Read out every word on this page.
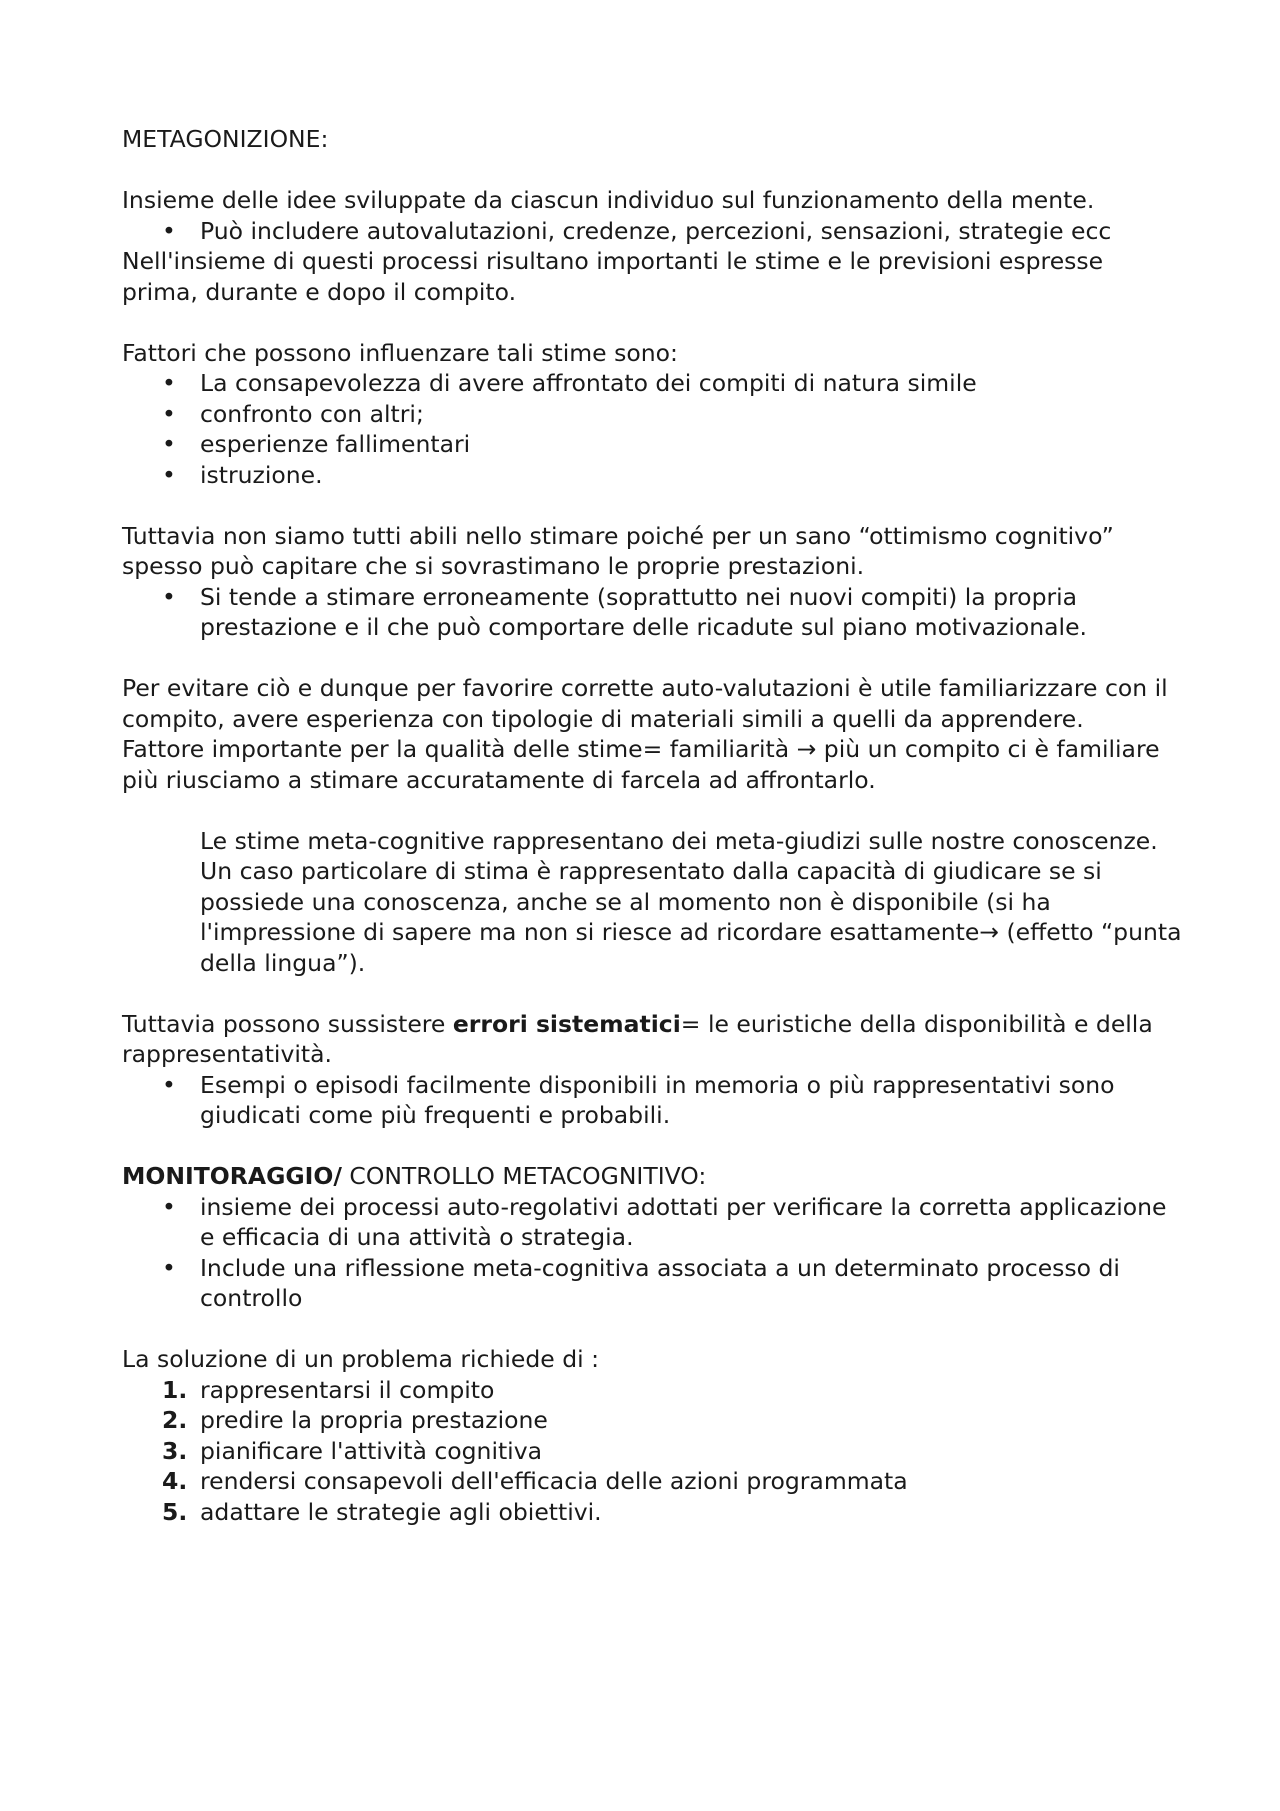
METAGONIZIONE:

Insieme delle idee sviluppate da ciascun individuo sul funzionamento della mente.

•	Può includere autovalutazioni, credenze, percezioni, sensazioni, strategie ecc

Nell'insieme di questi processi risultano importanti le stime e le previsioni espresse prima, durante e dopo il compito.

Fattori che possono influenzare tali stime sono:

•	La consapevolezza di avere affrontato dei compiti di natura simile
•	confronto con altri;
•	esperienze fallimentari
•	istruzione.

Tuttavia non siamo tutti abili nello stimare poiché per un sano “ottimismo cognitivo” spesso può capitare che si sovrastimano le proprie prestazioni.

•	Si tende a stimare erroneamente (soprattutto nei nuovi compiti) la propria prestazione e il che può comportare delle ricadute sul piano motivazionale.

Per evitare ciò e dunque per favorire corrette auto-valutazioni è utile familiarizzare con il compito, avere esperienza con tipologie di materiali simili a quelli da apprendere.

Fattore importante per la qualità delle stime= familiarità → più un compito ci è familiare più riusciamo a stimare accuratamente di farcela ad affrontarlo.

Le stime meta-cognitive rappresentano dei meta-giudizi sulle nostre conoscenze.

Un caso particolare di stima è rappresentato dalla capacità di giudicare se si possiede una conoscenza, anche se al momento non è disponibile (si ha l'impressione di sapere ma non si riesce ad ricordare esattamente→ (effetto “punta della lingua”).

Tuttavia possono sussistere errori sistematici= le euristiche della disponibilità e della rappresentatività.

•	Esempi o episodi facilmente disponibili in memoria o più rappresentativi sono giudicati come più frequenti e probabili.

MONITORAGGIO/ CONTROLLO METACOGNITIVO:

•	insieme dei processi auto-regolativi adottati per verificare la corretta applicazione e efficacia di una attività o strategia.
•	Include una riflessione meta-cognitiva associata a un determinato processo di controllo

La soluzione di un problema richiede di :

1. rappresentarsi il compito
2. predire la propria prestazione
3. pianificare l'attività cognitiva
4. rendersi consapevoli dell'efficacia delle azioni programmata
5. adattare le strategie agli obiettivi.
